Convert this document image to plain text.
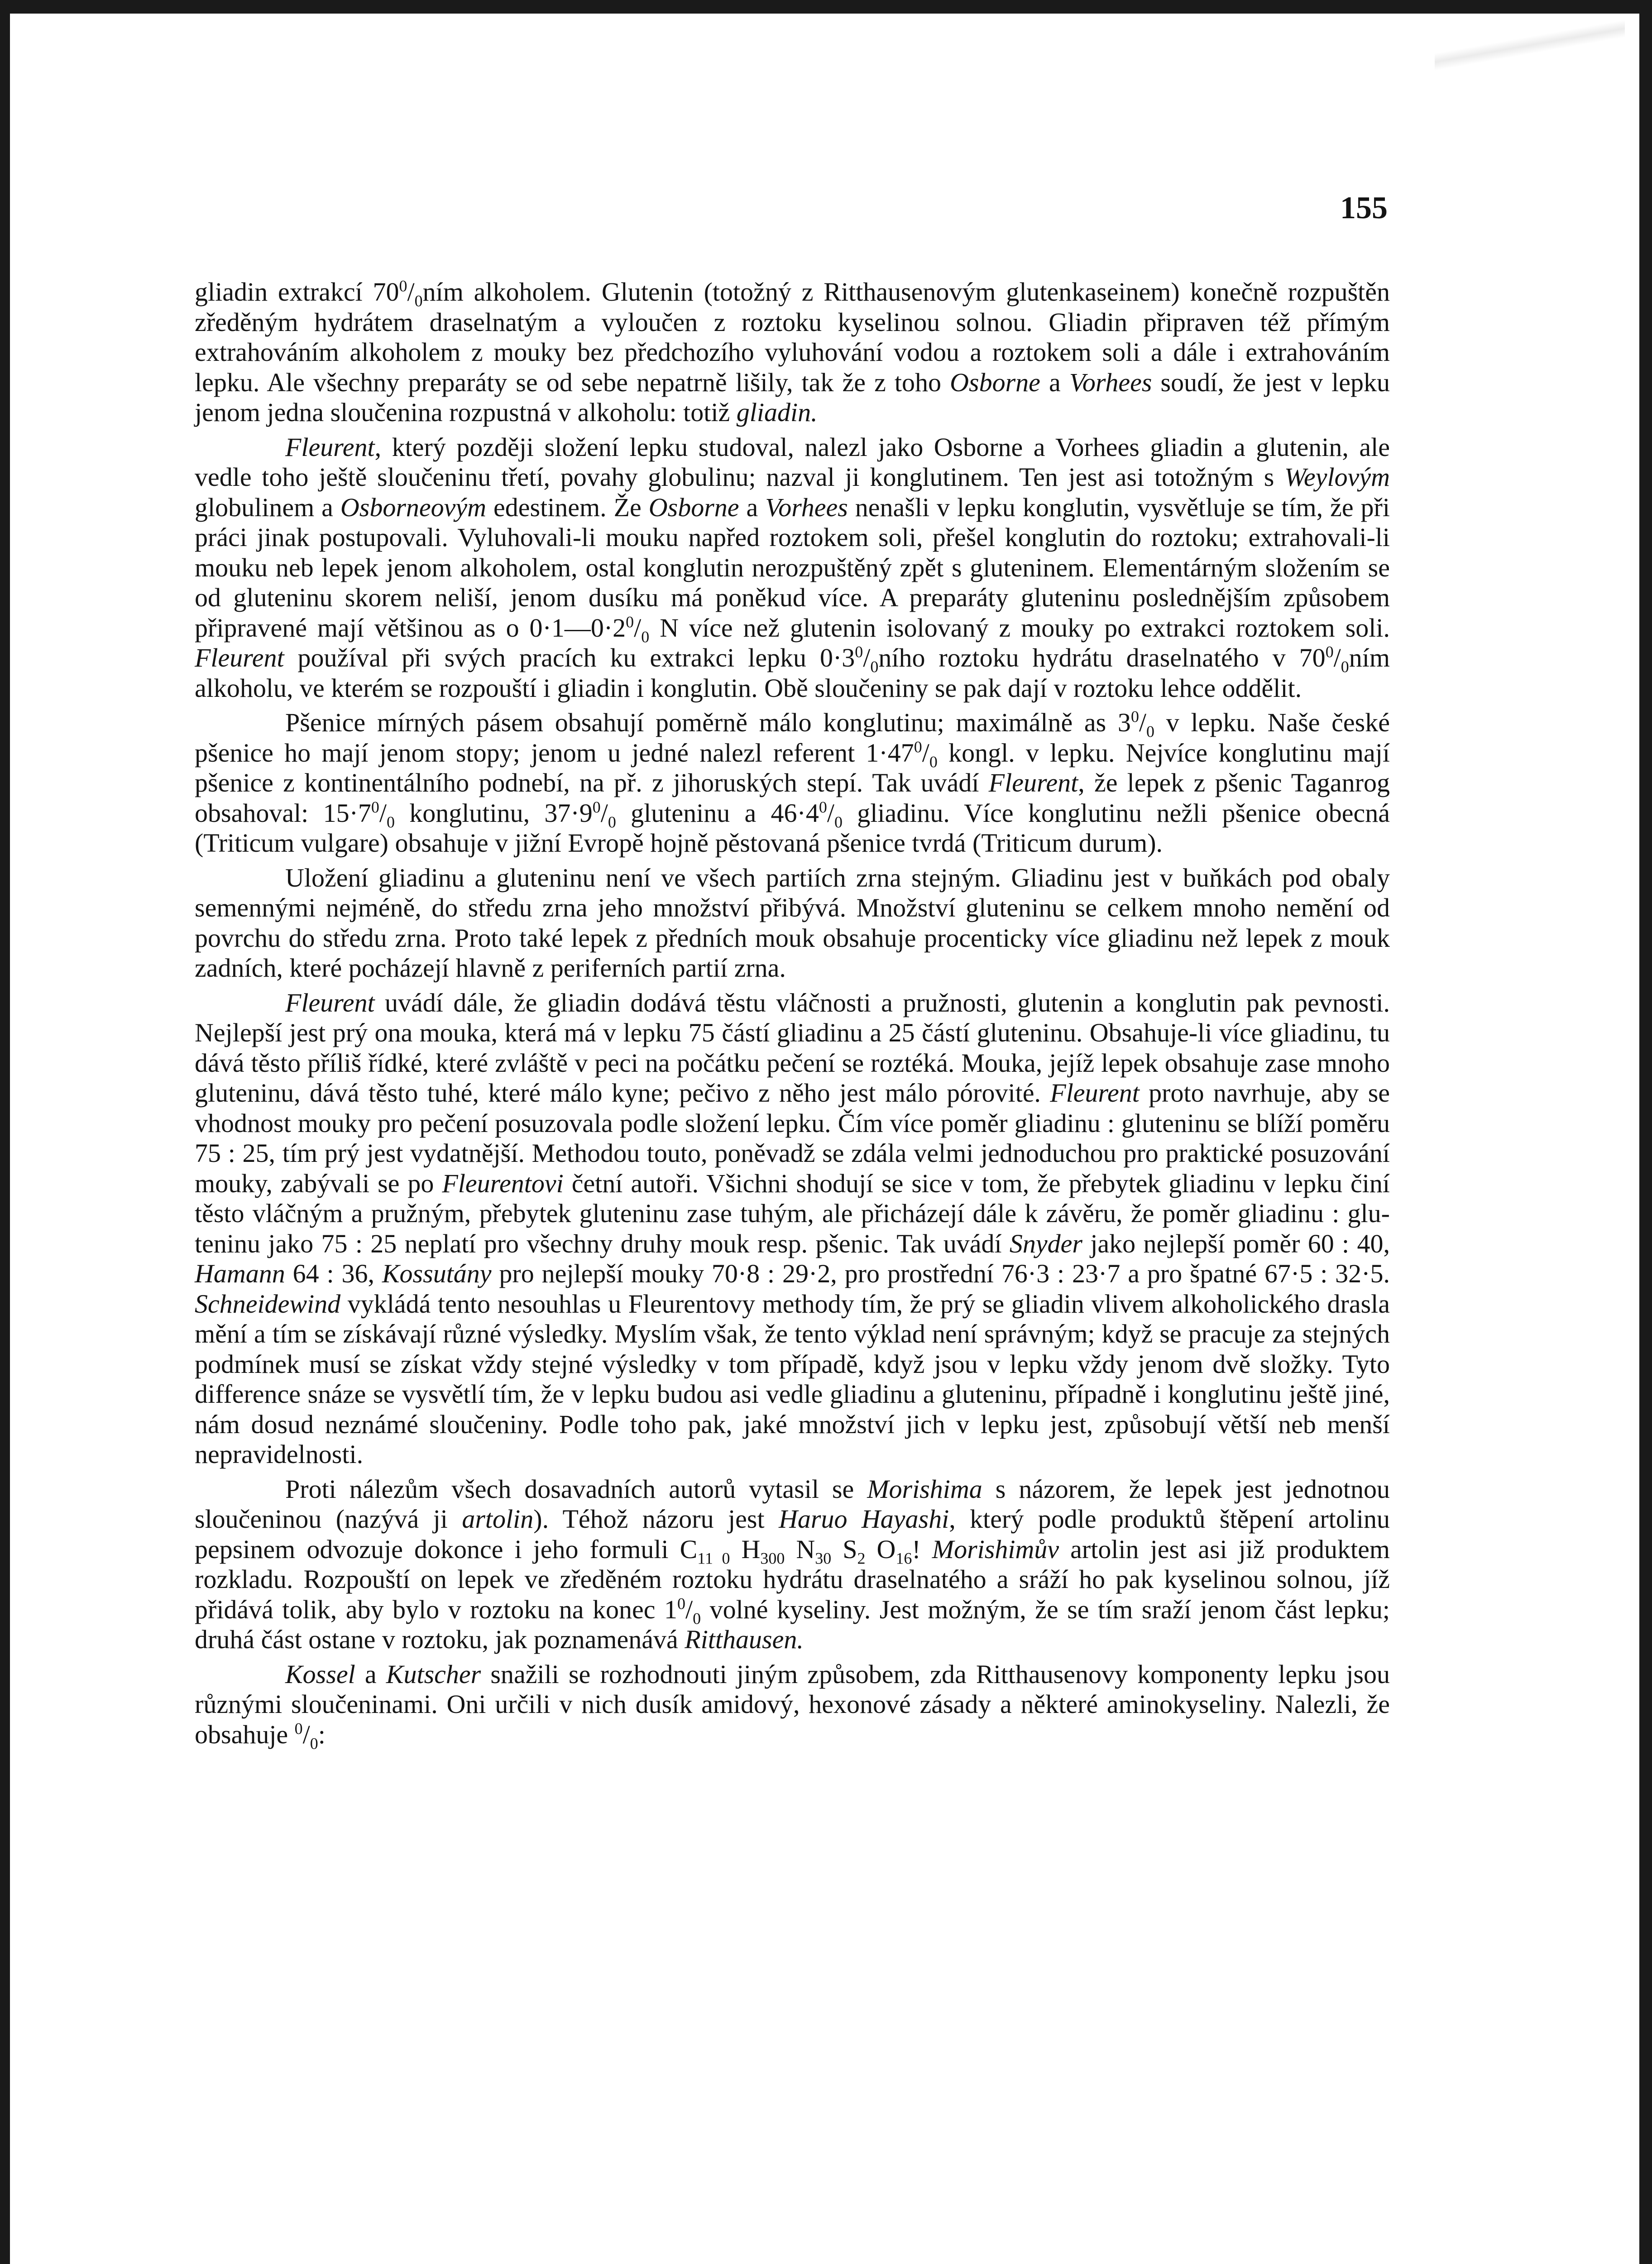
155

gliadin extrakcí $70^0/_0ním$ alkoholem. Glutenin (totožný z Ritthausenovým glutenkaseinem) konečně rozpuštěn zředěným hydrátem draselnatým a vyloučen z roztoku kyselinou solnou. Gliadin připraven též přímým extrahováním alkoholem z mouky bez předchozího vyluhování vodou a roztokem soli a dále i extrahováním lepku. Ale všechny preparáty se od sebe nepatrně lišily, tak že z toho Osborne a Vorhees soudí, že jest v lepku jenom jedna sloučenina rozpustná v alkoholu: totiž gliadin.

Fleurent, který později složení lepku studoval, nalezl jako Osborne a Vorhees gliadin a glutenin, ale vedle toho ještě sloučeninu třetí, povahy globulinu; nazval ji konglutinem. Ten jest asi totožným s Weylovým globulinem a Osborneovým edestinem. Že Osborne a Vorhees nenašli v lepku konglutin, vysvětluje se tím, že při práci jinak postupovali. Vyluhovali-li mouku napřed roztokem soli, přešel konglutin do roztoku; extrahovali-li mouku neb lepek jenom alkoholem, ostal konglutin nerozpuštěný zpět s gluteninem. Elementárným složením se od gluteninu skorem neliší, jenom dusíku má poněkud více. A preparáty gluteninu poslednějším způsobem připravené mají většinou as o $0\cdot 1—0\cdot 2^0/_0$ N více než glutenin isolovaný z mouky po extrakci roztokem soli. Fleurent používal při svých pracích ku extrakci lepku $0\cdot 3^0/_0ního$ roztoku hydrátu draselnatého v $70^0/_0ním$ alkoholu, ve kterém se rozpouští i gliadin i konglutin. Obě sloučeniny se pak dají v roztoku lehce oddělit.

Pšenice mírných pásem obsahují poměrně málo konglutinu; maximálně as $3^0/_0$ v lepku. Naše české pšenice ho mají jenom stopy; jenom u jedné nalezl referent $1\cdot 47^0/_0$ kongl. v lepku. Nejvíce konglutinu mají pšenice z kontinentálního podnebí, na př. z jihoruských stepí. Tak uvádí Fleurent, že lepek z pšenic Taganrog obsahoval: $15\cdot 7^0/_0$ konglutinu, $37\cdot 9^0/_0$ gluteninu a $46\cdot 4^0/_0$ gliadinu. Více konglutinu nežli pšenice obecná (Triticum vulgare) obsahuje v jižní Evropě hojně pěstovaná pšenice tvrdá (Triticum durum).

Uložení gliadinu a gluteninu není ve všech partiích zrna stejným. Gliadinu jest v buňkách pod obaly semennými nejméně, do středu zrna jeho množství přibývá. Množství gluteninu se celkem mnoho nemění od povrchu do středu zrna. Proto také lepek z předních mouk obsahuje procenticky více gliadinu než lepek z mouk zadních, které pocházejí hlavně z periferních partií zrna.

Fleurent uvádí dále, že gliadin dodává těstu vláčnosti a pružnosti, glutenin a konglutin pak pevnosti. Nejlepší jest prý ona mouka, která má v lepku 75 částí gliadinu a 25 částí gluteninu. Obsahuje-li více gliadinu, tu dává těsto příliš řídké, které zvláště v peci na počátku pečení se roztéká. Mouka, jejíž lepek obsahuje zase mnoho gluteninu, dává těsto tuhé, které málo kyne; pečivo z něho jest málo pórovité. Fleurent proto navrhuje, aby se vhodnost mouky pro pečení posuzovala podle složení lepku. Čím více poměr gliadinu : gluteninu se blíží poměru 75 : 25, tím prý jest vydatnější. Methodou touto, poněvadž se zdála velmi jednoduchou pro praktické posuzování mouky, zabývali se po Fleurentovi četní autoři. Všichni shodují se sice v tom, že přebytek gliadinu v lepku činí těsto vláčným a pružným, přebytek gluteninu zase tuhým, ale přicházejí dále k závěru, že poměr gliadinu : gluteninu jako 75 : 25 neplatí pro všechny druhy mouk resp. pšenic. Tak uvádí Snyder jako nejlepší poměr 60 : 40, Hamann 64 : 36, Kossutány pro nejlepší mouky 70·8 : 29·2, pro prostřední 76·3 : 23·7 a pro špatné 67·5 : 32·5. Schneidewind vykládá tento nesouhlas u Fleurentovy methody tím, že prý se gliadin vlivem alkoholického drasla mění a tím se získávají různé výsledky. Myslím však, že tento výklad není správným; když se pracuje za stejných podmínek musí se získat vždy stejné výsledky v tom případě, když jsou v lepku vždy jenom dvě složky. Tyto difference snáze se vysvětlí tím, že v lepku budou asi vedle gliadinu a gluteninu, případně i konglutinu ještě jiné, nám dosud neznámé sloučeniny. Podle toho pak, jaké množství jich v lepku jest, způsobují větší neb menší nepravidelnosti.

Proti nálezům všech dosavadních autorů vytasil se Morishima s názorem, že lepek jest jednotnou sloučeninou (nazývá ji artolin). Téhož názoru jest Haruo Hayashi, který podle produktů štěpení artolinu pepsinem odvozuje dokonce i jeho formuli $C_{11 0}$ $H_{300}$ $N_{30}$ $S_2$ $O_{16}$! Morishimův artolin jest asi již produktem rozkladu. Rozpouští on lepek ve zředěném roztoku hydrátu draselnatého a sráží ho pak kyselinou solnou, jíž přidává tolik, aby bylo v roztoku na konec $1^0/_0$ volné kyseliny. Jest možným, že se tím sraží jenom část lepku; druhá část ostane v roztoku, jak poznamenává Ritthausen.

Kossel a Kutscher snažili se rozhodnouti jiným způsobem, zda Ritthausenovy komponenty lepku jsou různými sloučeninami. Oni určili v nich dusík amidový, hexonové zásady a některé aminokyseliny. Nalezli, že obsahuje $^0/_0$:
